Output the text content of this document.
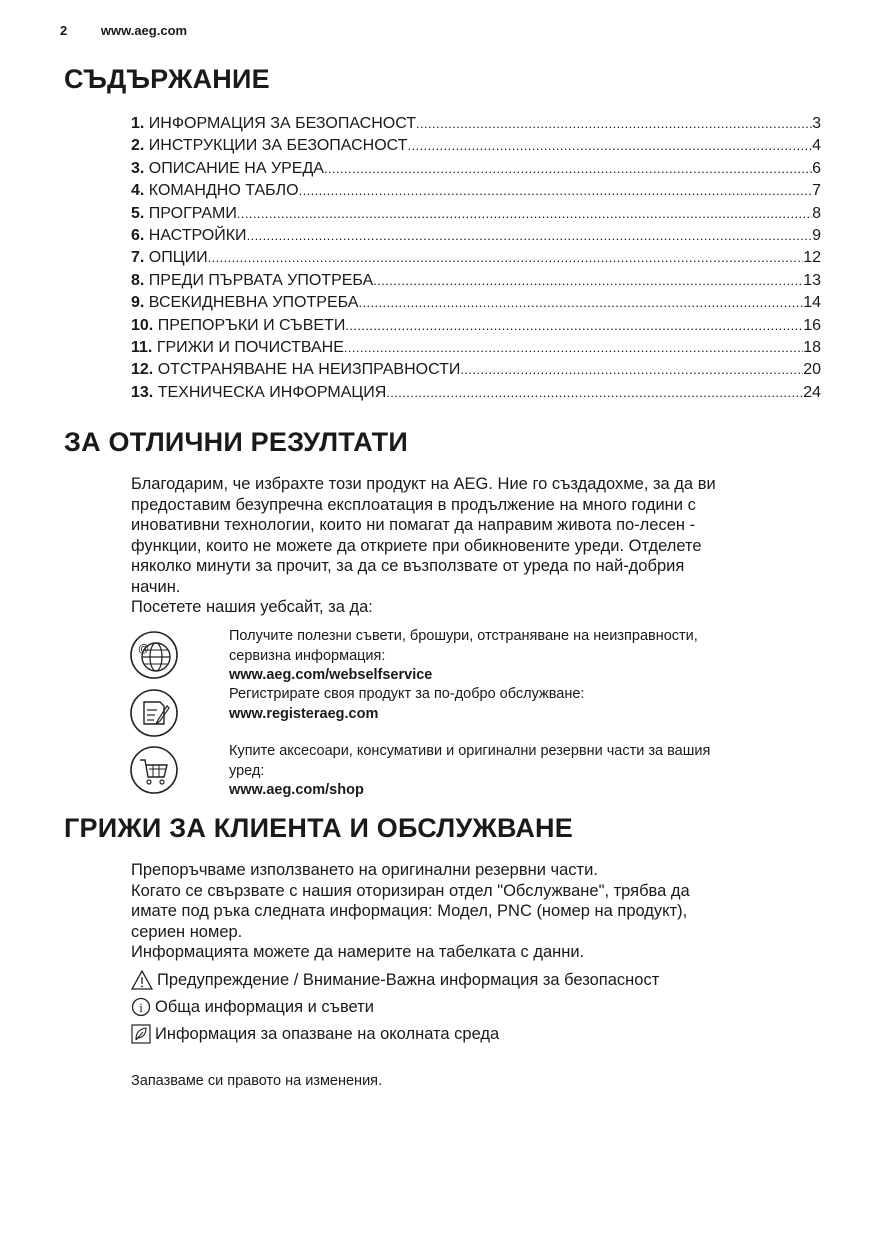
2	www.aeg.com
СЪДЪРЖАНИЕ
1. ИНФОРМАЦИЯ ЗА БЕЗОПАСНОСТ .....	3
2. ИНСТРУКЦИИ ЗА БЕЗОПАСНОСТ .....	4
3. ОПИСАНИЕ НА УРЕДА .....	6
4. КОМАНДНО ТАБЛО .....	7
5. ПРОГРАМИ .....	8
6. НАСТРОЙКИ .....	9
7. ОПЦИИ .....	12
8. ПРЕДИ ПЪРВАТА УПОТРЕБА .....	13
9. ВСЕКИДНЕВНА УПОТРЕБА .....	14
10. ПРЕПОРЪКИ И СЪВЕТИ .....	16
11. ГРИЖИ И ПОЧИСТВАНЕ .....	18
12. ОТСТРАНЯВАНЕ НА НЕИЗПРАВНОСТИ .....	20
13. ТЕХНИЧЕСКА ИНФОРМАЦИЯ .....	24
ЗА ОТЛИЧНИ РЕЗУЛТАТИ

Благодарим, че избрахте този продукт на AEG. Ние го създадохме, за да ви

предоставим безупречна експлоатация в продължение на много години с

иновативни технологии, които ни помагат да направим живота по-лесен -

функции, които не можете да откриете при обикновените уреди. Отделете

няколко минути за прочит, за да се възползвате от уреда по най-добрия

начин.

Посетете нашия уебсайт, за да:

@
Получите полезни съвети, брошури, отстраняване на неизправности,
сервизна информация:
www.aeg.com/webselfservice
Регистрирате своя продукт за по-добро обслужване:
www.registeraeg.com
Купите аксесоари, консумативи и оригинални резервни части за вашия
уред:
www.aeg.com/shop
ГРИЖИ ЗА КЛИЕНТА И ОБСЛУЖВАНЕ

Препоръчваме използването на оригинални резервни части.

Когато се свързвате с нашия оторизиран отдел "Обслужване", трябва да

имате под ръка следната информация: Модел, PNC (номер на продукт),

сериен номер.

Информацията можете да намерите на табелката с данни.

Предупреждение / Внимание-Важна информация за безопасност
i Обща информация и съвети
Информация за опазване на околната среда
Запазваме си правото на изменения.
